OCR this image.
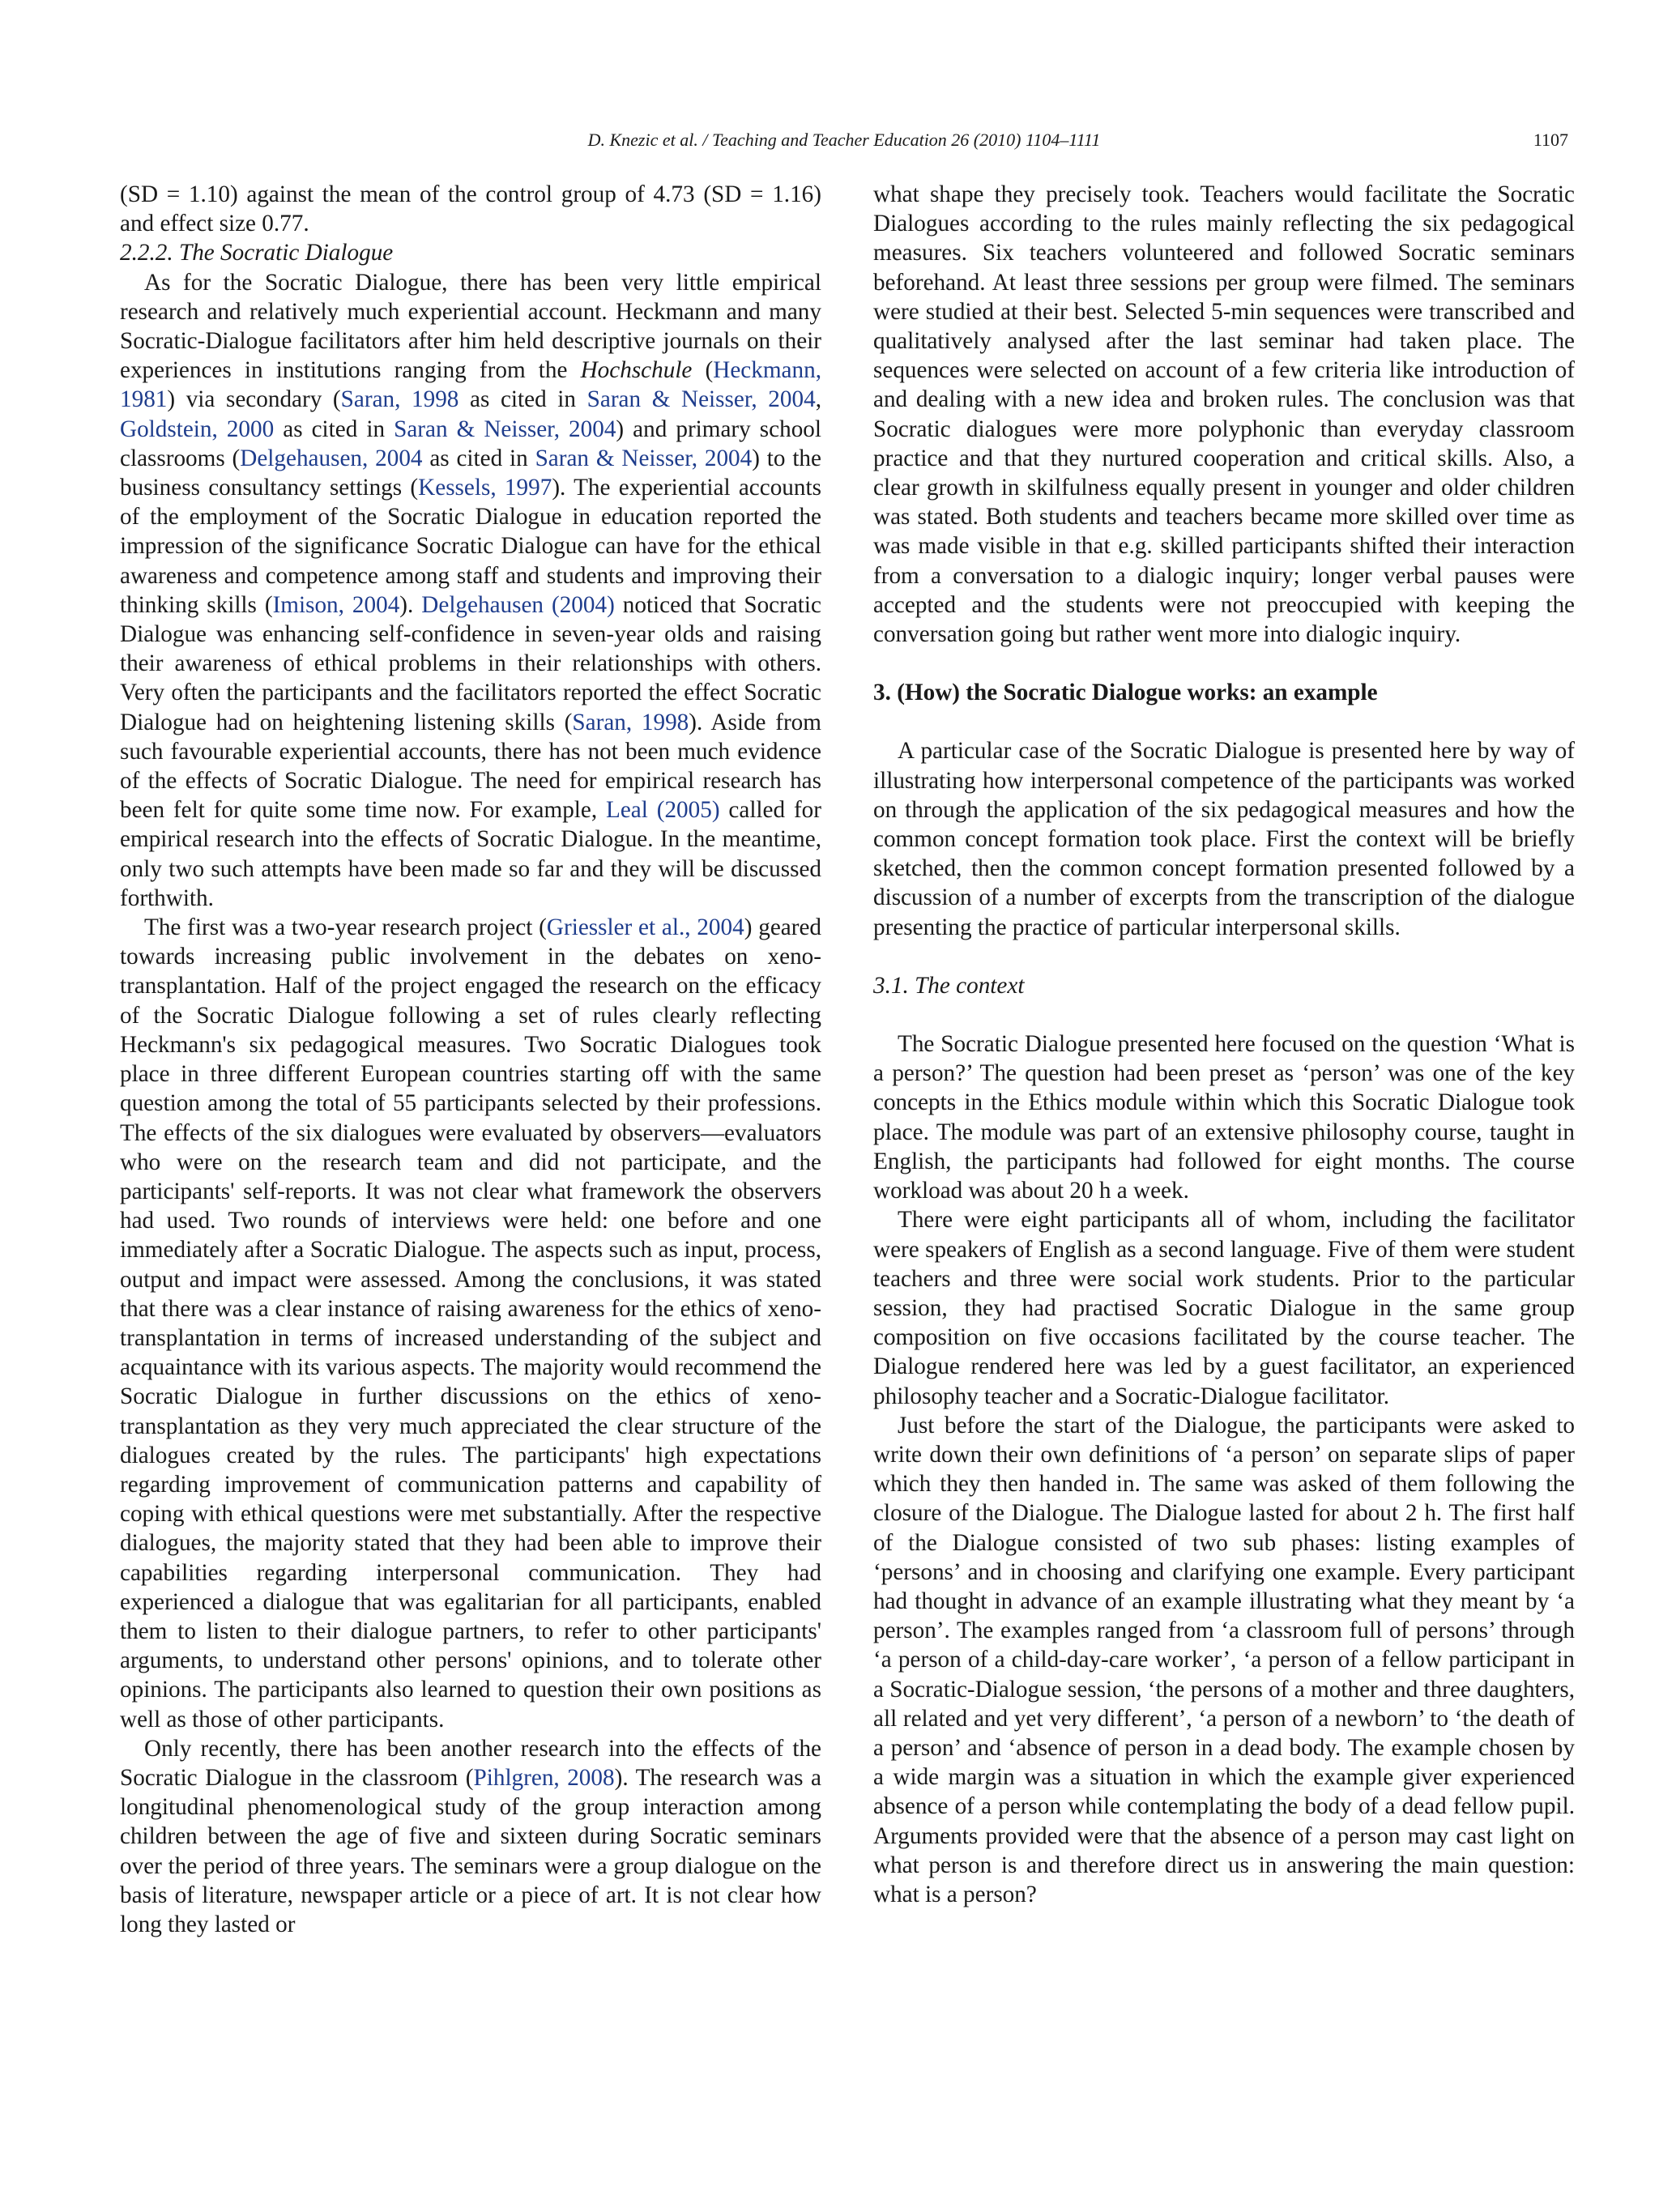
D. Knezic et al. / Teaching and Teacher Education 26 (2010) 1104–1111	1107

(SD = 1.10) against the mean of the control group of 4.73 (SD = 1.16) and effect size 0.77.

2.2.2. The Socratic Dialogue

As for the Socratic Dialogue, there has been very little empirical research and relatively much experiential account. Heckmann and many Socratic-Dialogue facilitators after him held descriptive journals on their experiences in institutions ranging from the Hochschule (Heckmann, 1981) via secondary (Saran, 1998 as cited in Saran & Neisser, 2004, Goldstein, 2000 as cited in Saran & Neisser, 2004) and primary school classrooms (Delgehausen, 2004 as cited in Saran & Neisser, 2004) to the business consultancy settings (Kessels, 1997). The experiential accounts of the employment of the Socratic Dialogue in education reported the impression of the significance Socratic Dialogue can have for the ethical awareness and competence among staff and students and improving their thinking skills (Imison, 2004). Delgehausen (2004) noticed that Socratic Dialogue was enhancing self-confidence in seven-year olds and raising their awareness of ethical problems in their relationships with others. Very often the participants and the facilitators reported the effect Socratic Dialogue had on heightening listening skills (Saran, 1998). Aside from such favourable experiential accounts, there has not been much evidence of the effects of Socratic Dialogue. The need for empirical research has been felt for quite some time now. For example, Leal (2005) called for empirical research into the effects of Socratic Dialogue. In the meantime, only two such attempts have been made so far and they will be discussed forthwith.

The first was a two-year research project (Griessler et al., 2004) geared towards increasing public involvement in the debates on xeno-transplantation. Half of the project engaged the research on the efficacy of the Socratic Dialogue following a set of rules clearly reflecting Heckmann's six pedagogical measures. Two Socratic Dialogues took place in three different European countries starting off with the same question among the total of 55 participants selected by their professions. The effects of the six dialogues were evaluated by observers—evaluators who were on the research team and did not participate, and the participants' self-reports. It was not clear what framework the observers had used. Two rounds of interviews were held: one before and one immediately after a Socratic Dialogue. The aspects such as input, process, output and impact were assessed. Among the conclusions, it was stated that there was a clear instance of raising awareness for the ethics of xeno-transplantation in terms of increased understanding of the subject and acquaintance with its various aspects. The majority would recommend the Socratic Dialogue in further discussions on the ethics of xeno-transplantation as they very much appreciated the clear structure of the dialogues created by the rules. The participants' high expectations regarding improvement of communication patterns and capability of coping with ethical questions were met substantially. After the respective dialogues, the majority stated that they had been able to improve their capabilities regarding interpersonal communication. They had experienced a dialogue that was egalitarian for all participants, enabled them to listen to their dialogue partners, to refer to other participants' arguments, to understand other persons' opinions, and to tolerate other opinions. The participants also learned to question their own positions as well as those of other participants.

Only recently, there has been another research into the effects of the Socratic Dialogue in the classroom (Pihlgren, 2008). The research was a longitudinal phenomenological study of the group interaction among children between the age of five and sixteen during Socratic seminars over the period of three years. The seminars were a group dialogue on the basis of literature, newspaper article or a piece of art. It is not clear how long they lasted or

what shape they precisely took. Teachers would facilitate the Socratic Dialogues according to the rules mainly reflecting the six pedagogical measures. Six teachers volunteered and followed Socratic seminars beforehand. At least three sessions per group were filmed. The seminars were studied at their best. Selected 5-min sequences were transcribed and qualitatively analysed after the last seminar had taken place. The sequences were selected on account of a few criteria like introduction of and dealing with a new idea and broken rules. The conclusion was that Socratic dialogues were more polyphonic than everyday classroom practice and that they nurtured cooperation and critical skills. Also, a clear growth in skilfulness equally present in younger and older children was stated. Both students and teachers became more skilled over time as was made visible in that e.g. skilled participants shifted their interaction from a conversation to a dialogic inquiry; longer verbal pauses were accepted and the students were not preoccupied with keeping the conversation going but rather went more into dialogic inquiry.

3. (How) the Socratic Dialogue works: an example

A particular case of the Socratic Dialogue is presented here by way of illustrating how interpersonal competence of the participants was worked on through the application of the six pedagogical measures and how the common concept formation took place. First the context will be briefly sketched, then the common concept formation presented followed by a discussion of a number of excerpts from the transcription of the dialogue presenting the practice of particular interpersonal skills.

3.1. The context

The Socratic Dialogue presented here focused on the question ‘What is a person?’ The question had been preset as ‘person’ was one of the key concepts in the Ethics module within which this Socratic Dialogue took place. The module was part of an extensive philosophy course, taught in English, the participants had followed for eight months. The course workload was about 20 h a week.

There were eight participants all of whom, including the facilitator were speakers of English as a second language. Five of them were student teachers and three were social work students. Prior to the particular session, they had practised Socratic Dialogue in the same group composition on five occasions facilitated by the course teacher. The Dialogue rendered here was led by a guest facilitator, an experienced philosophy teacher and a Socratic-Dialogue facilitator.

Just before the start of the Dialogue, the participants were asked to write down their own definitions of ‘a person’ on separate slips of paper which they then handed in. The same was asked of them following the closure of the Dialogue. The Dialogue lasted for about 2 h. The first half of the Dialogue consisted of two sub phases: listing examples of ‘persons’ and in choosing and clarifying one example. Every participant had thought in advance of an example illustrating what they meant by ‘a person’. The examples ranged from ‘a classroom full of persons’ through ‘a person of a child-day-care worker’, ‘a person of a fellow participant in a Socratic-Dialogue session, ‘the persons of a mother and three daughters, all related and yet very different’, ‘a person of a newborn’ to ‘the death of a person’ and ‘absence of person in a dead body. The example chosen by a wide margin was a situation in which the example giver experienced absence of a person while contemplating the body of a dead fellow pupil. Arguments provided were that the absence of a person may cast light on what person is and therefore direct us in answering the main question: what is a person?
